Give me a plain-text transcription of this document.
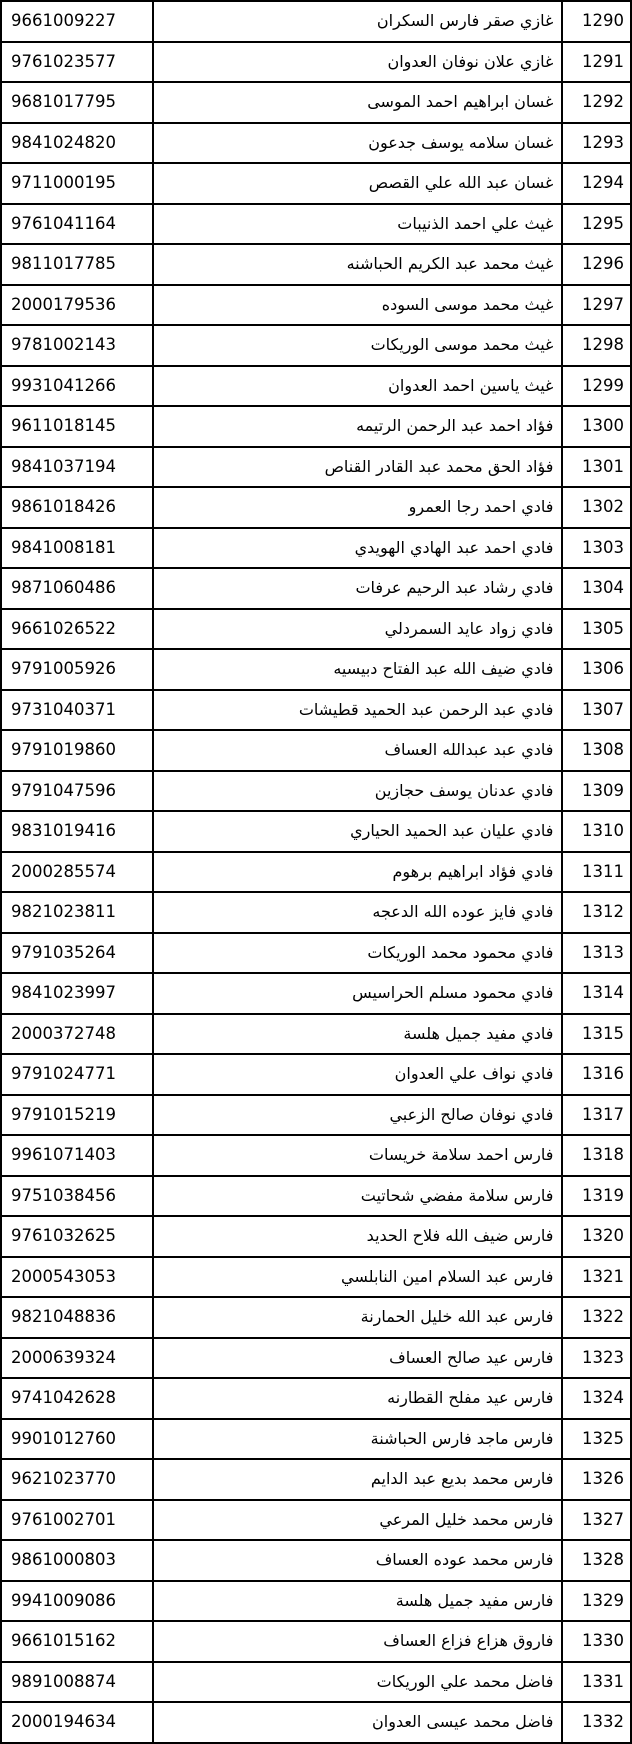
9661009227	غازي صقر فارس السكران	1290
9761023577	غازي علان نوفان العدوان	1291
9681017795	غسان ابراهيم احمد الموسى	1292
9841024820	غسان سلامه يوسف جدعون	1293
9711000195	غسان عبد الله علي القصص	1294
9761041164	غيث علي احمد الذنيبات	1295
9811017785	غيث محمد عبد الكريم الحباشنه	1296
2000179536	غيث محمد موسى السوده	1297
9781002143	غيث محمد موسى الوريكات	1298
9931041266	غيث ياسين احمد العدوان	1299
9611018145	فؤاد احمد عبد الرحمن الرتيمه	1300
9841037194	فؤاد الحق محمد عبد القادر القناص	1301
9861018426	فادي احمد رجا العمرو	1302
9841008181	فادي احمد عبد الهادي الهويدي	1303
9871060486	فادي رشاد عبد الرحيم عرفات	1304
9661026522	فادي زواد عايد السمردلي	1305
9791005926	فادي ضيف الله عبد الفتاح دبيسيه	1306
9731040371	فادي عبد الرحمن عبد الحميد قطيشات	1307
9791019860	فادي عبد عبدالله العساف	1308
9791047596	فادي عدنان يوسف حجازين	1309
9831019416	فادي عليان عبد الحميد الحياري	1310
2000285574	فادي فؤاد ابراهيم برهوم	1311
9821023811	فادي فايز عوده الله الدعجه	1312
9791035264	فادي محمود محمد الوريكات	1313
9841023997	فادي محمود مسلم الحراسيس	1314
2000372748	فادي مفيد جميل هلسة	1315
9791024771	فادي نواف علي العدوان	1316
9791015219	فادي نوفان صالح الزعبي	1317
9961071403	فارس احمد سلامة خريسات	1318
9751038456	فارس سلامة مفضي شحاتيت	1319
9761032625	فارس ضيف الله فلاح الحديد	1320
2000543053	فارس عبد السلام امين النابلسي	1321
9821048836	فارس عبد الله خليل الحمارنة	1322
2000639324	فارس عيد صالح العساف	1323
9741042628	فارس عيد مفلح القطارنه	1324
9901012760	فارس ماجد فارس الحباشنة	1325
9621023770	فارس محمد بديع عبد الدايم	1326
9761002701	فارس محمد خليل المرعي	1327
9861000803	فارس محمد عوده العساف	1328
9941009086	فارس مفيد جميل هلسة	1329
9661015162	فاروق هزاع فزاع العساف	1330
9891008874	فاضل محمد علي الوريكات	1331
2000194634	فاضل محمد عيسى العدوان	1332
